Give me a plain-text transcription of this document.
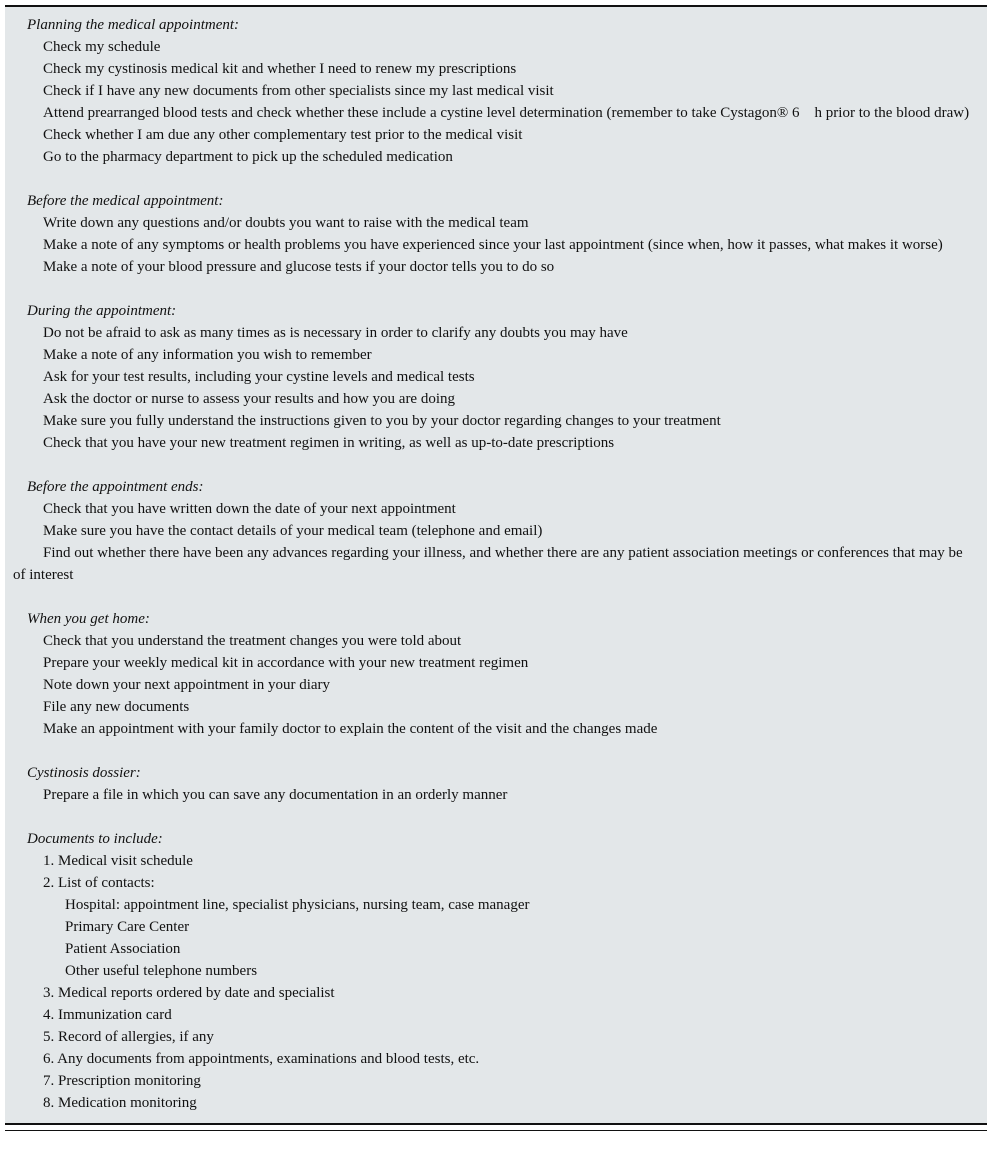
Planning the medical appointment:
Check my schedule
Check my cystinosis medical kit and whether I need to renew my prescriptions
Check if I have any new documents from other specialists since my last medical visit
Attend prearranged blood tests and check whether these include a cystine level determination (remember to take Cystagon® 6    h prior to the blood draw)
Check whether I am due any other complementary test prior to the medical visit
Go to the pharmacy department to pick up the scheduled medication
Before the medical appointment:
Write down any questions and/or doubts you want to raise with the medical team
Make a note of any symptoms or health problems you have experienced since your last appointment (since when, how it passes, what makes it worse)
Make a note of your blood pressure and glucose tests if your doctor tells you to do so
During the appointment:
Do not be afraid to ask as many times as is necessary in order to clarify any doubts you may have
Make a note of any information you wish to remember
Ask for your test results, including your cystine levels and medical tests
Ask the doctor or nurse to assess your results and how you are doing
Make sure you fully understand the instructions given to you by your doctor regarding changes to your treatment
Check that you have your new treatment regimen in writing, as well as up-to-date prescriptions
Before the appointment ends:
Check that you have written down the date of your next appointment
Make sure you have the contact details of your medical team (telephone and email)
Find out whether there have been any advances regarding your illness, and whether there are any patient association meetings or conferences that may be of interest
When you get home:
Check that you understand the treatment changes you were told about
Prepare your weekly medical kit in accordance with your new treatment regimen
Note down your next appointment in your diary
File any new documents
Make an appointment with your family doctor to explain the content of the visit and the changes made
Cystinosis dossier:
Prepare a file in which you can save any documentation in an orderly manner
Documents to include:
1. Medical visit schedule
2. List of contacts:
Hospital: appointment line, specialist physicians, nursing team, case manager
Primary Care Center
Patient Association
Other useful telephone numbers
3. Medical reports ordered by date and specialist
4. Immunization card
5. Record of allergies, if any
6. Any documents from appointments, examinations and blood tests, etc.
7. Prescription monitoring
8. Medication monitoring
